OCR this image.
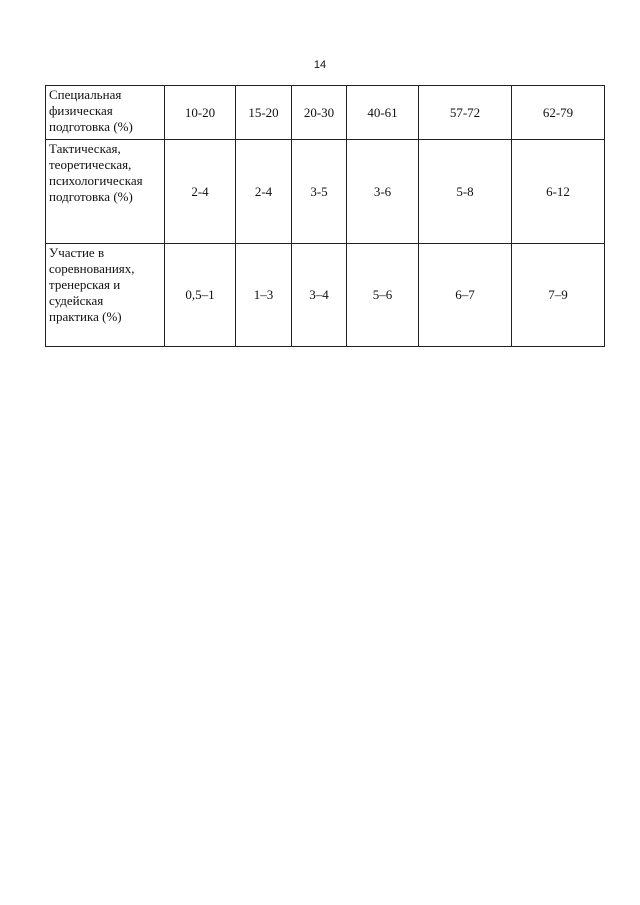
14
Специальная
физическая
подготовка (%)	10-20	15-20	20-30	40-61	57-72	62-79
Тактическая,
теоретическая,
психологическая
подготовка (%)	2-4	2-4	3-5	3-6	5-8	6-12
Участие в
соревнованиях,
тренерская и
судейская
практика (%)	0,5–1	1–3	3–4	5–6	6–7	7–9
